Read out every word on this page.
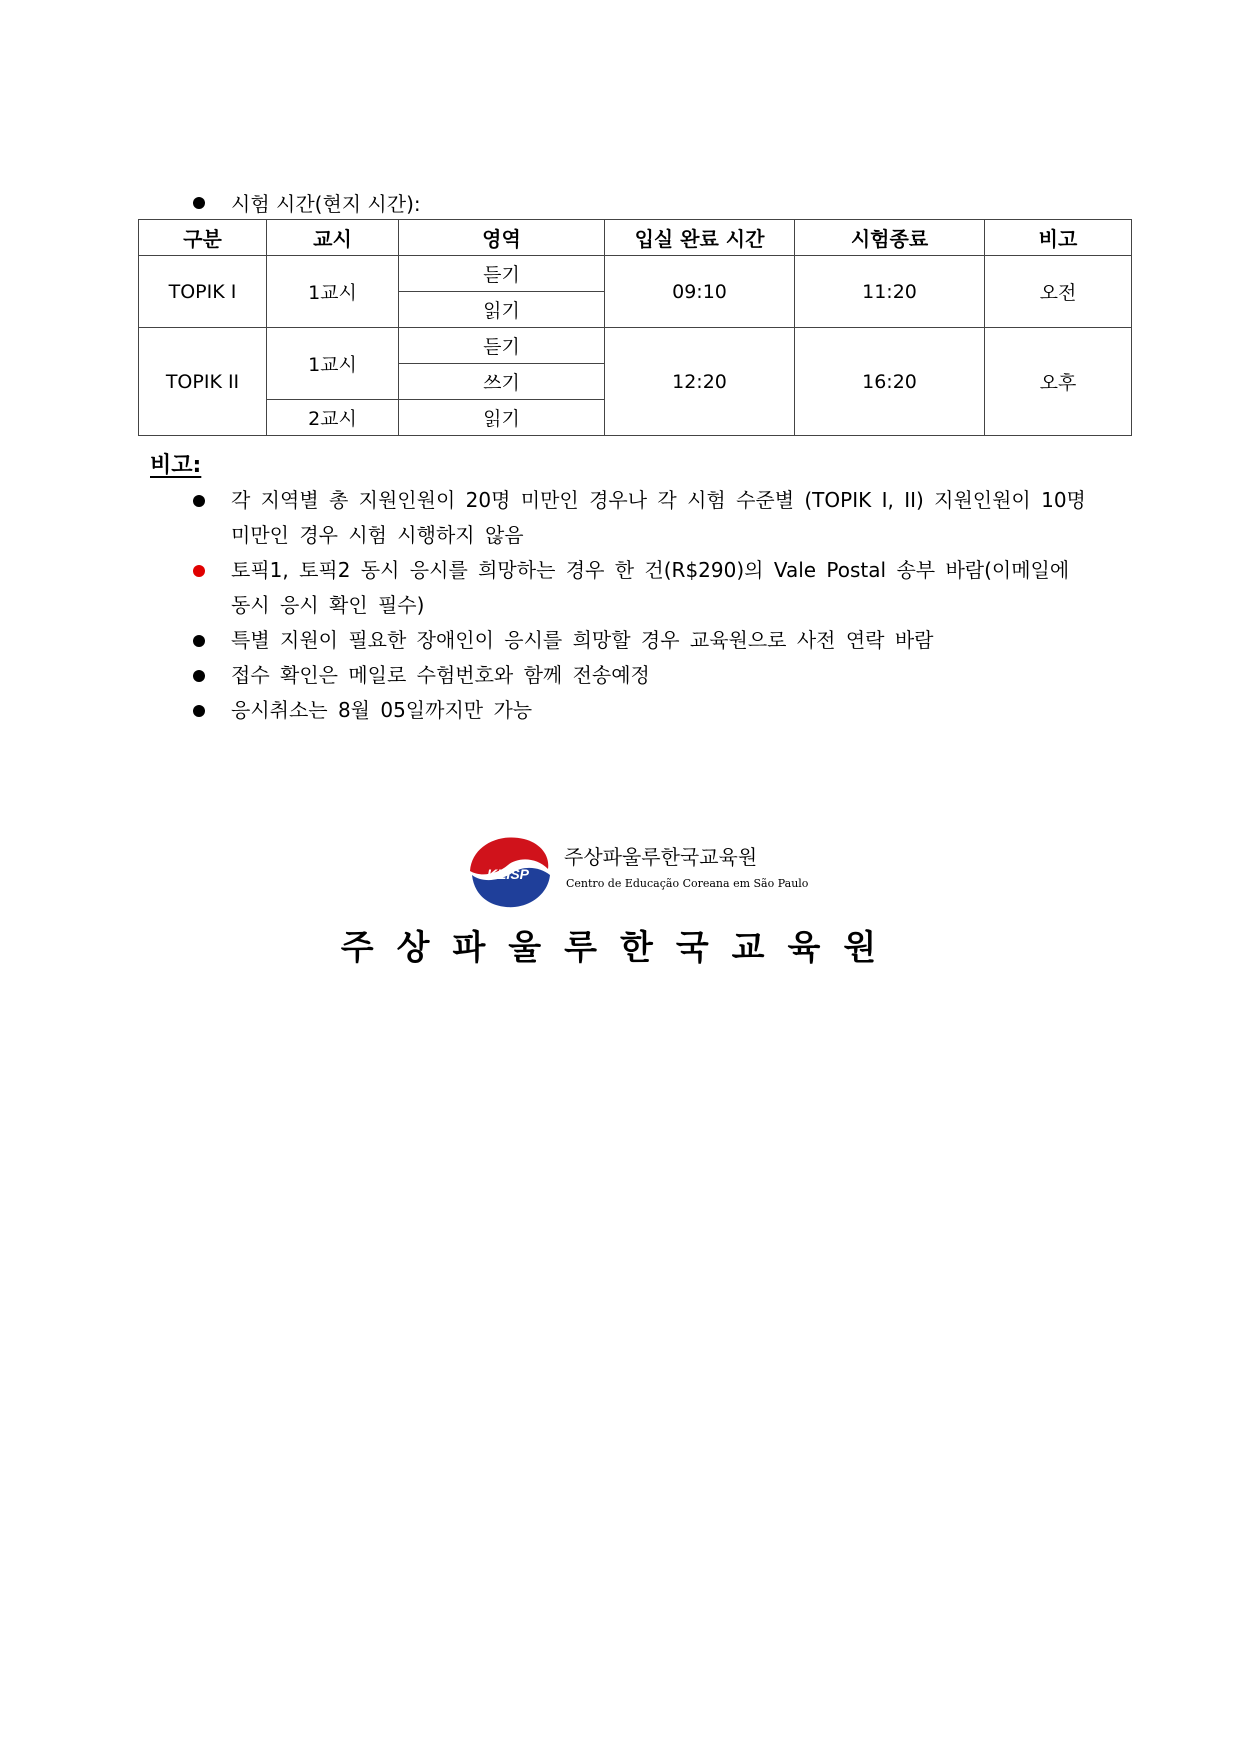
시험 시간(현지 시간):
구분	교시	영역	입실 완료 시간	시험종료	비고
TOPIK I	1교시	듣기	09:10	11:20	오전
		읽기			
TOPIK II	1교시	듣기	12:20	16:20	오후
		쓰기			
	2교시	읽기			
비고:
각 지역별 총 지원인원이 20명 미만인 경우나 각 시험 수준별 (TOPIK I, II) 지원인원이 10명 미만인 경우 시험 시행하지 않음
토픽1, 토픽2 동시 응시를 희망하는 경우 한 건(R$290)의 Vale Postal 송부 바람(이메일에 동시 응시 확인 필수)
특별 지원이 필요한 장애인이 응시를 희망할 경우 교육원으로 사전 연락 바람
접수 확인은 메일로 수험번호와 함께 전송예정
응시취소는 8월 05일까지만 가능
KEISP
주상파울루한국교육원
Centro de Educação Coreana em São Paulo
주상파울루한국교육원
